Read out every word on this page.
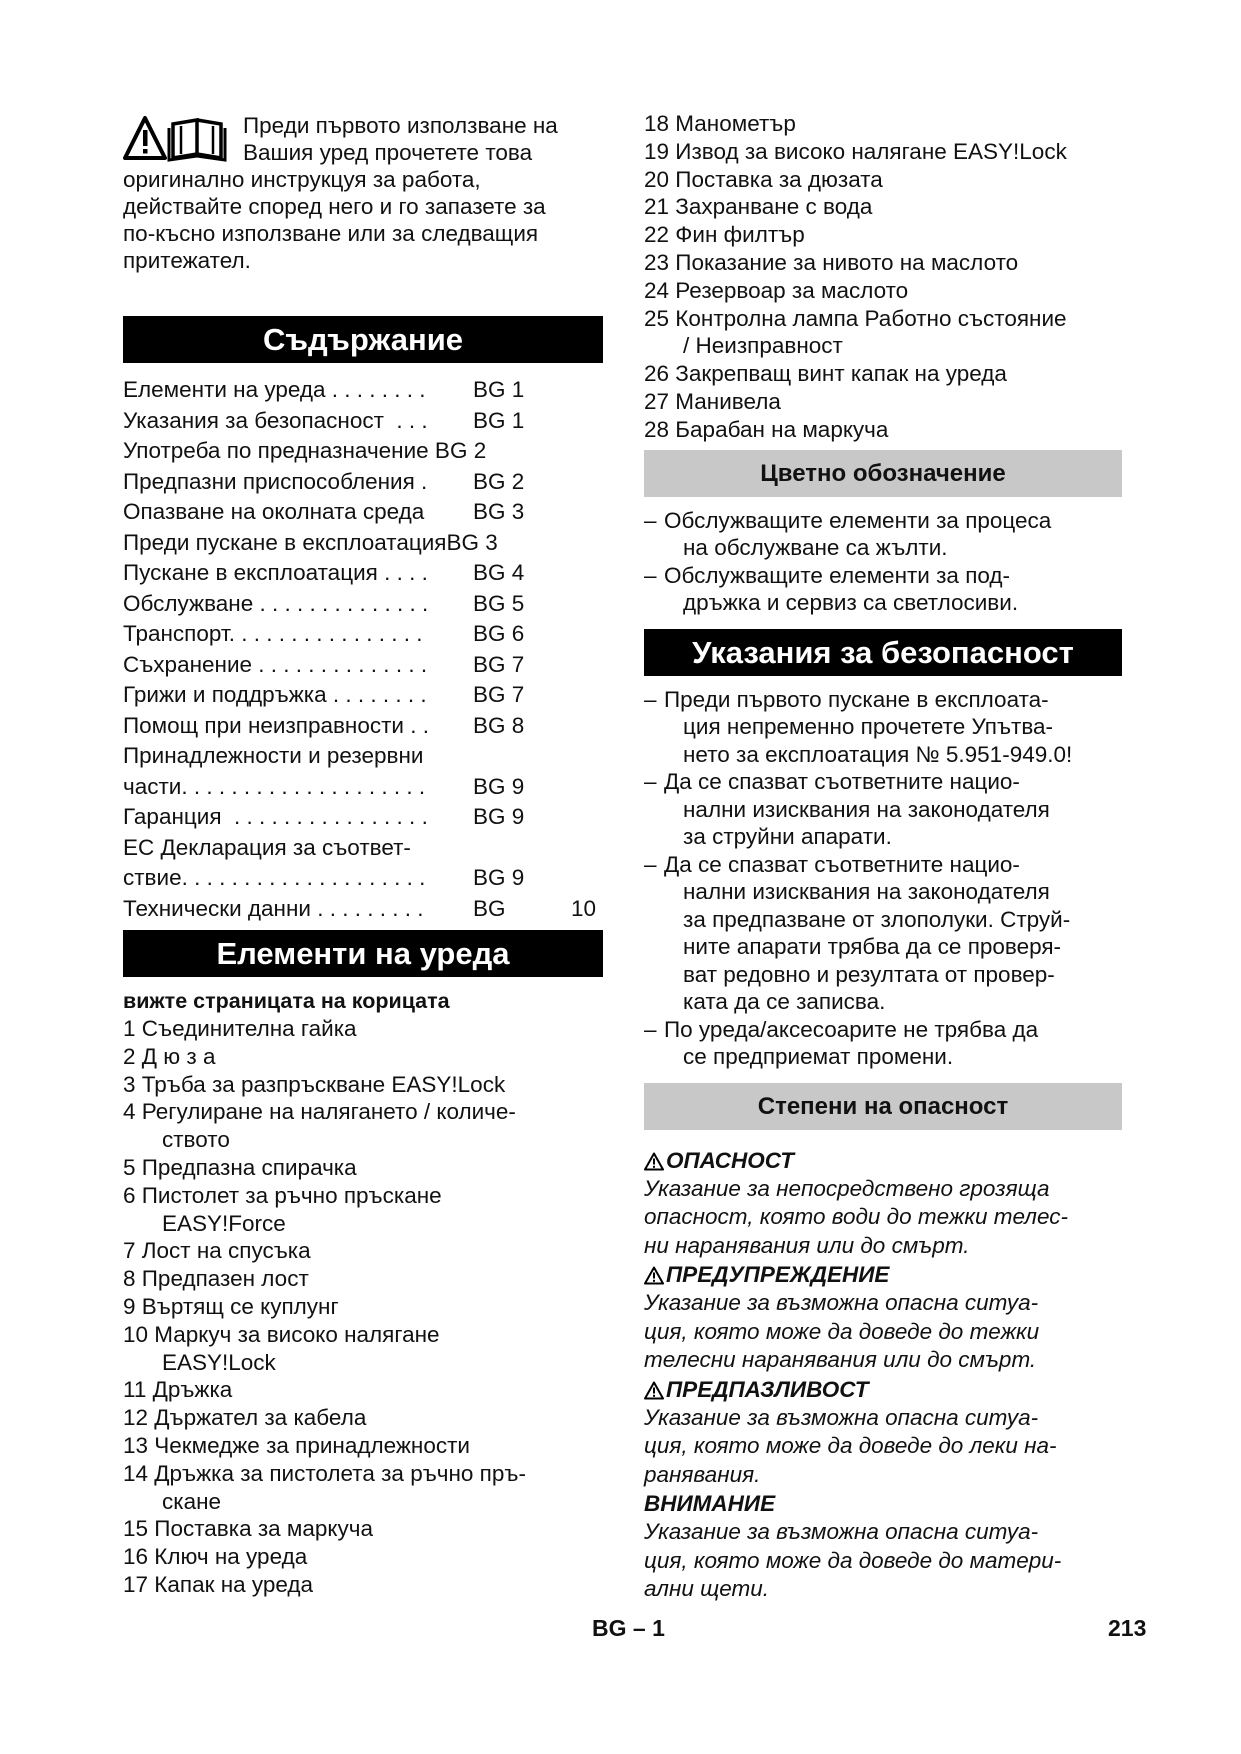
Преди първото използване на
Вашия уред прочетете това
оригинално инструкцуя за работа,
действайте според него и го запазете за
по-късно използване или за следващия
притежател.
Съдържание
Елементи на уреда . . . . . . . . BG 1
Указания за безопасност  . . . BG 1
Употреба по предназначение BG 2
Предпазни приспособления . BG 2
Опазване на околната среда BG 3
Преди пускане в експлоатацияBG 3
Пускане в експлоатация . . . . BG 4
Обслужване . . . . . . . . . . . . . . BG 5
Транспорт. . . . . . . . . . . . . . . . BG 6
Съхранение . . . . . . . . . . . . . . BG 7
Грижи и поддръжка . . . . . . . . BG 7
Помощ при неизправности . . BG 8
Принадлежности и резервни
части. . . . . . . . . . . . . . . . . . . . BG 9
Гаранция  . . . . . . . . . . . . . . . . BG 9
ЕС Декларация за съответ-
ствие. . . . . . . . . . . . . . . . . . . . BG 9
Технически данни . . . . . . . . . BG	10
Елементи на уреда
вижте страницата на корицата
1 Съединителна гайка
2 Д ю з а
3 Тръба за разпръскване EASY!Lock
4 Регулиране на налягането / количе-
ството
5 Предпазна спирачка
6 Пистолет за ръчно пръскане
EASY!Force
7 Лост на спусъка
8 Предпазен лост
9 Въртящ се куплунг
10 Маркуч за високо налягане
EASY!Lock
11 Дръжка
12 Държател за кабела
13 Чекмедже за принадлежности
14 Дръжка за пистолета за ръчно пръ-
скане
15 Поставка за маркуча
16 Ключ на уреда
17 Капак на уреда
18 Манометър
19 Извод за високо налягане EASY!Lock
20 Поставка за дюзата
21 Захранване с вода
22 Фин филтър
23 Показание за нивото на маслото
24 Резервоар за маслото
25 Контролна лампа Работно състояние
/ Неизправност
26 Закрепващ винт капак на уреда
27 Манивела
28 Барабан на маркуча
Цветно обозначение
– Обслужващите елементи за процеса
на обслужване са жълти.
– Обслужващите елементи за под-
дръжка и сервиз са светлосиви.
Указания за безопасност
– Преди първото пускане в експлоата-
ция непременно прочетете Упътва-
нето за експлоатация № 5.951-949.0!
– Да се спазват съответните нацио-
нални изисквания на законодателя
за струйни апарати.
– Да се спазват съответните нацио-
нални изисквания на законодателя
за предпазване от злополуки. Струй-
ните апарати трябва да се проверя-
ват редовно и резултата от провер-
ката да се записва.
– По уреда/аксесоарите не трябва да
се предприемат промени.
Степени на опасност
ОПАСНОСТ
Указание за непосредствено грозяща
опасност, която води до тежки телес-
ни наранявания или до смърт.
ПРЕДУПРЕЖДЕНИЕ
Указание за възможна опасна ситуа-
ция, която може да доведе до тежки
телесни наранявания или до смърт.
ПРЕДПАЗЛИВОСТ
Указание за възможна опасна ситуа-
ция, която може да доведе до леки на-
ранявания.
ВНИМАНИЕ
Указание за възможна опасна ситуа-
ция, която може да доведе до матери-
ални щети.
BG – 1	213
